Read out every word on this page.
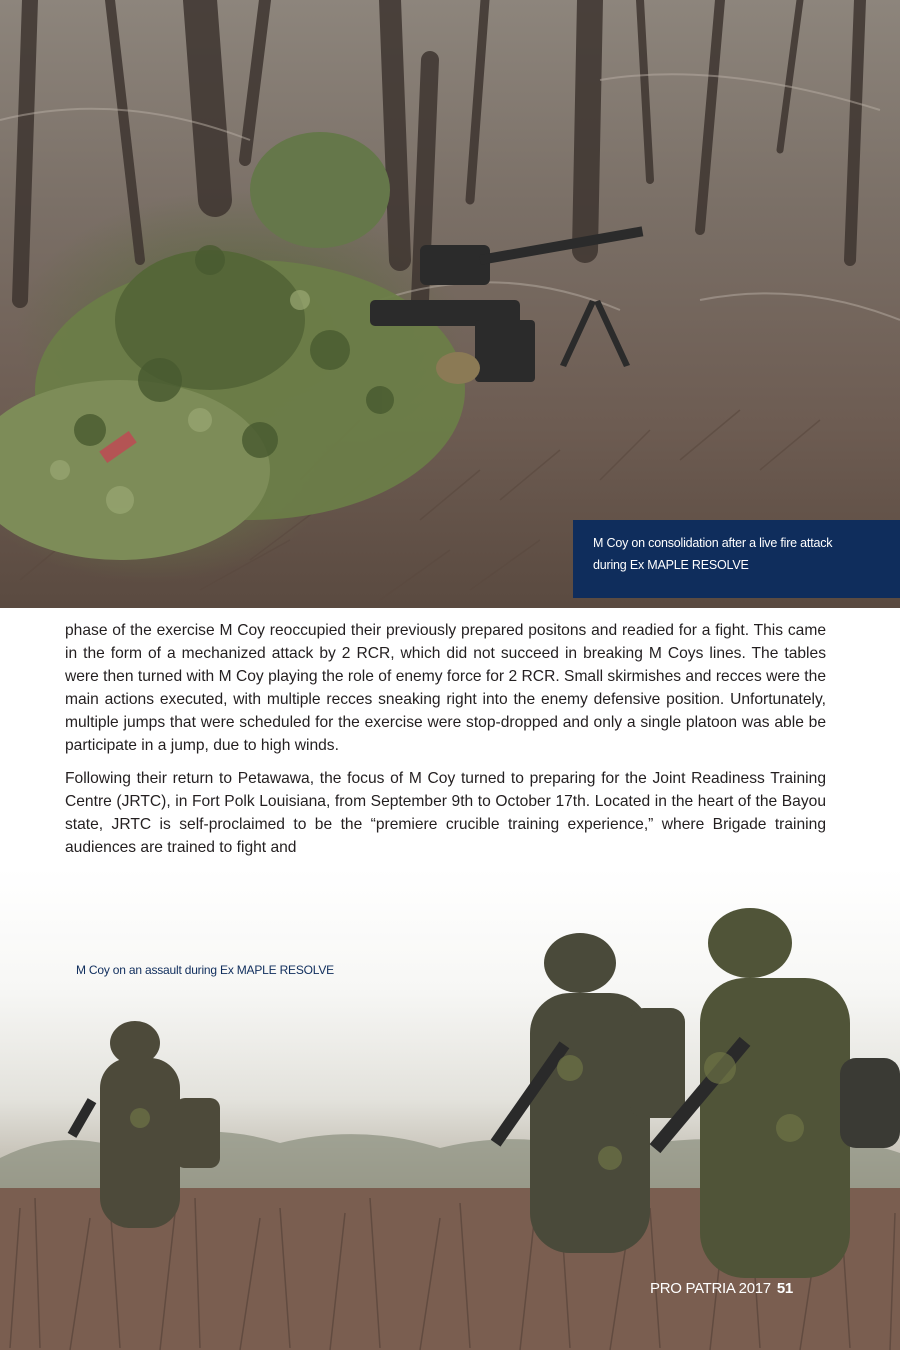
M Coy on consolidation after a live fire attack
during Ex MAPLE RESOLVE

phase of the exercise M Coy reoccupied their previously prepared positons and readied for a fight. This came in the form of a mechanized attack by 2 RCR, which did not succeed in breaking M Coys lines. The tables were then turned with M Coy playing the role of enemy force for 2 RCR. Small skirmishes and recces were the main actions executed, with multiple recces sneaking right into the enemy defensive position. Unfortunately, multiple jumps that were scheduled for the exercise were stop-dropped and only a single platoon was able be participate in a jump, due to high winds.

Following their return to Petawawa, the focus of M Coy turned to preparing for the Joint Readiness Training Centre (JRTC), in Fort Polk Louisiana, from September 9th to October 17th. Located in the heart of the Bayou state, JRTC is self-proclaimed to be the “premiere crucible training experience,” where Brigade training audiences are trained to fight and

M Coy on an assault during Ex MAPLE RESOLVE
PRO PATRIA 2017 51
